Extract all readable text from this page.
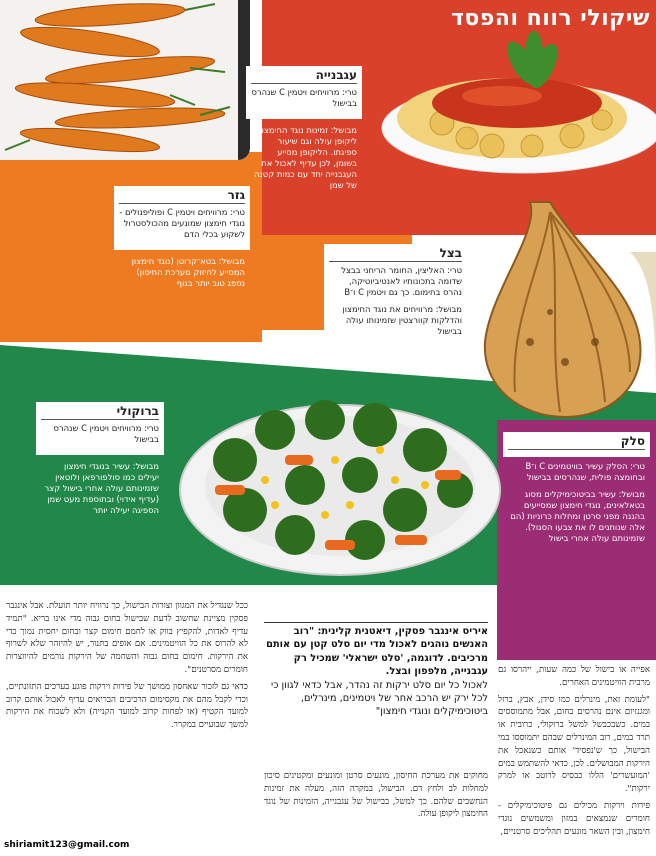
שיקולי רווח והפסד
עגבנייה

טרי: מרוויחים ויטמין C שנהרס בבישול

מבושל: זמינות נוגד החימצון ליקופן עולה וגם שיעור ספיגתו. הליקופן מסייע בשומן, לכן עדיף לאכול את העגבנייה יחד עם כמות קטנה של שמן

גזר

טרי: מרוויחים ויטמין C ופוליפנולים - נוגדי חימצון שמונעים מהכולסטרול לשקוע בכלי הדם

מבושל: בטא־קרוטן (נוגד חימצון המסייע לחיזוק מערכת החיסון) נספג טוב יותר בגוף

בצל

טרי: האליצין, החומר הריחני בבצל שדומה בתכונותיו לאנטיביוטיקה, נהרס בחימום. כך גם ויטמין C ו־B

מבושל: מרוויחים את נוגד החימצון והדלקות קוורצטין שזמינותו עולה בבישול

ברוקולי

טרי: מרוויחים ויטמין C שנהרס בבישול

מבושל: עשיר בנוגדי חימצון יעילים כמו סולפורפאן ולוטאין שזמינותם עולה אחרי בישול קצר (עדיף אידוי) ובתוספת מעט שמן הספיגה יעילה יותר

סלק

טרי: הסלק עשיר בוויטמינים C ו־B ובחומצה פולית, שנהרסים בבישול

מבושל: עשיר בביטוכימיקלים מסוג בטאלאינים, נוגדי חימצון שמסייעים בהגנה מפני סרטן ומחלות כרוניות (הם אלה שנותנים לו את צבעו הסגול). שזמינותם עולה אחרי בישול

איריס אינגבר פסקין, דיאטנית קלינית: "רוב האנשים נוהגים לאכול מדי יום סלט קטן עם אותם מרכיבים. לדוגמה, 'סלט ישראלי' שמכיל רק עגבנייה, מלפפון ובצל.
לאכול כל יום סלט ירקות זה נהדר, אבל כדאי לגוון כי לכל ירק יש הרכב אחר של ויטמינים, מינרלים, ביטוכימיקלים ונוגדי חימצון"

ככל שנגדיל את המגוון וצורות הבישול, כך נרוויח יותר תועלת. אבל אינגבר פסקין מציינת שחשוב לדעת שבישול בחום גבוה מדי אינו בריא. "תמיד עדיף לאדות, להקפיץ בווק או לחמם חימום קצר ובחום יחסית נמוך כדי לא להרוס את כל הוויטמינים. אם אופים בתנור, יש להיזהר שלא לשרוף את הירקות. חימום בחום גבוה והשחמה של הירקות גורמים להיווצרות חומרים מסרטנים".

כדאי גם לזכור שאחסון ממושך של פירות וירקות פוגע בערכים התזונתיים, וכדי לקבל מהם את מקסימום הרכיבים הבריאים עדיף לאכול אותם קרוב למועד הקטיף (או לפחות קרוב למועד הקנייה) ולא לשכוח את הירקות למשך שבועיים במקרר.

מחוקים את מערכת החיסון, מונעים סרטן ומונעים ומקטינים סיכון למחלות לב ולחץ דם. הבישול, במקרה הזה, מעלה את זמינות הנחשבים שלהם. כך למשל, בבישול של עגבנייה, הזמינות של נוגד החימצון ליקופן עולה.

אפייה או בישול של כמה שעות, ייהרסו גם מרבית הוויטמינים האחרים.

"לעומת זאת, מינרלים כמו סידן, אבץ, ברזל ומגנזיום אינם נהרסים בחום, אבל מתמוססים במים. כשבכבשל למשל ברוקולי, כרובית או תרד במים, רוב המינרלים שבהם יתמוססו במי הבישול, כך ש'נפסיד' אותם כשנאכל את הירקות המבושלים. לכן, כדאי להשתמש במים 'המועשרים' הללו כבסיס לרוטב או למרק ירקות".

פירות וירקות מכילים גם פיטוכימיקלים - חומרים שנמצאים במזון ומשמשים נוגדי חימצון, ובין השאר מונעים תהליכים סרטניים,

shiriamit123@gmail.com
